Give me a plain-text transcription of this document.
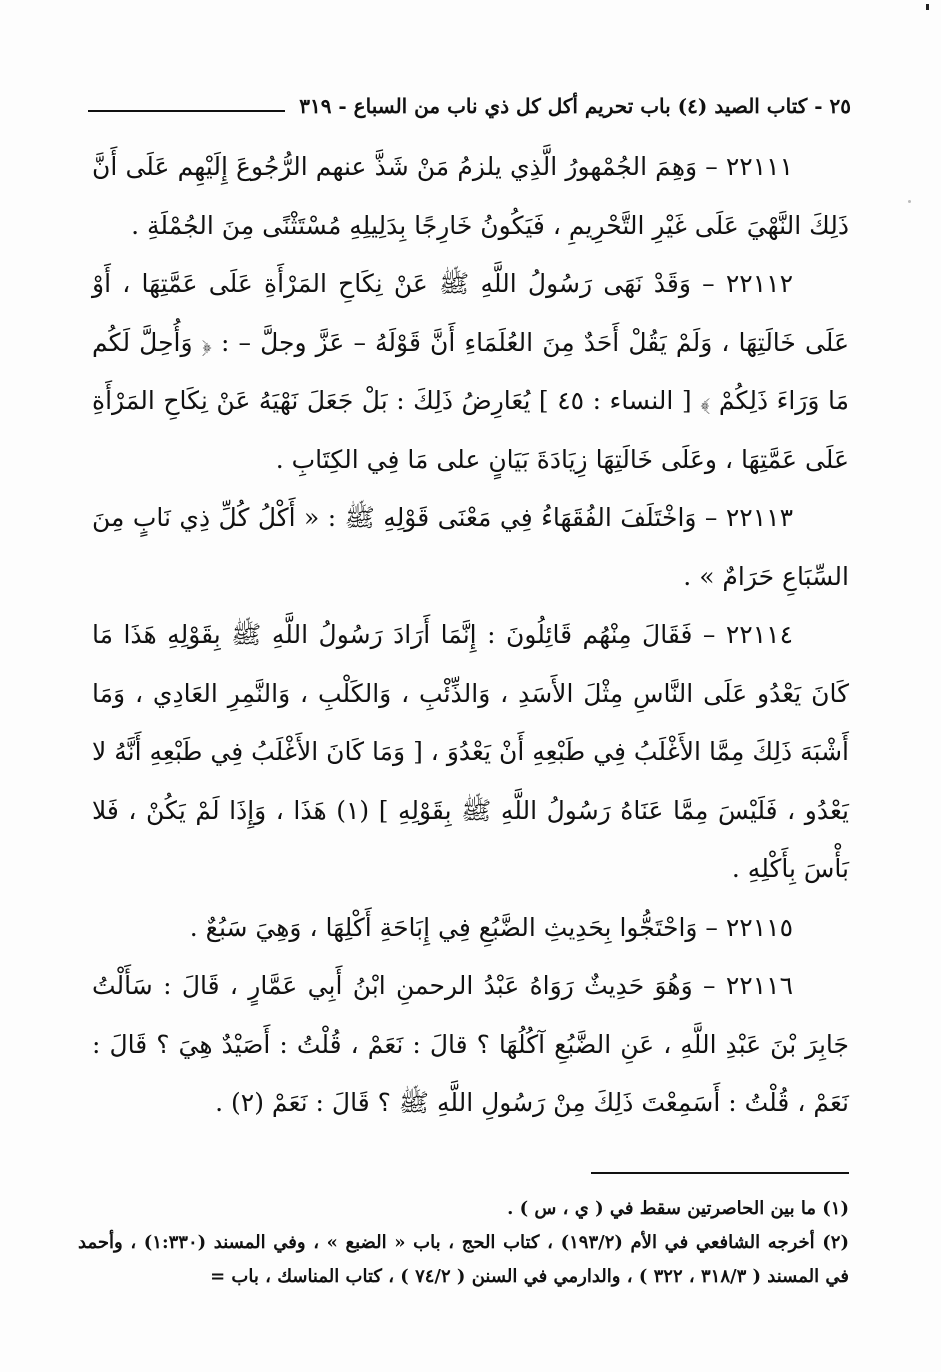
٢٥ - كتاب الصيد (٤) باب تحريم أكل كل ذي ناب من السباع - ٣١٩

٢٢١١١ – وَهِمَ الجُمْهورُ الَّذِي يلزمُ مَنْ شَذَّ عنهم الرُّجُوعَ إِلَيْهِم عَلَى أَنَّ ذَلِكَ النَّهْيَ عَلَى غَيْرِ التَّحْرِيمِ ، فَيَكُونُ خَارِجًا بِدَلِيلِهِ مُسْتَثْنًى مِنَ الجُمْلَةِ .

٢٢١١٢ – وَقَدْ نَهَى رَسُولُ اللَّهِ ﷺ عَنْ نِكَاحِ المَرْأَةِ عَلَى عَمَّتِهَا ، أَوْ عَلَى خَالَتِهَا ، وَلَمْ يَقُلْ أَحَدٌ مِنَ العُلَمَاءِ أَنَّ قَوْلَهُ – عَزَّ وجلَّ – : ﴿ وَأُحِلَّ لَكُم مَا وَرَاءَ ذَلِكُمْ ﴾ [ النساء : ٤٥ ] يُعَارِضُ ذَلِكَ : بَلْ جَعَلَ نَهْيَهُ عَنْ نِكَاحِ المَرْأَةِ عَلَى عَمَّتِهَا ، وعَلَى خَالَتِهَا زِيَادَةَ بَيَانٍ على مَا فِي الكِتَابِ .

٢٢١١٣ – وَاخْتَلَفَ الفُقَهَاءُ فِي مَعْنَى قَوْلِهِ ﷺ : « أَكْلُ كُلِّ ذِي نَابٍ مِنَ السِّبَاعِ حَرَامٌ » .

٢٢١١٤ – فَقَالَ مِنْهُم قَائِلُونَ : إِنَّمَا أَرَادَ رَسُولُ اللَّهِ ﷺ بِقَوْلِهِ هَذَا مَا كَانَ يَعْدُو عَلَى النَّاسِ مِثْلَ الأَسَدِ ، وَالذِّئْبِ ، وَالكَلْبِ ، وَالنَّمِرِ العَادِي ، وَمَا أَشْبَهَ ذَلِكَ مِمَّا الأَغْلَبُ فِي طَبْعِهِ أَنْ يَعْدُوَ ، [ وَمَا كَانَ الأَغْلَبُ فِي طَبْعِهِ أَنَّهُ لا يَعْدُو ، فَلَيْسَ مِمَّا عَنَاهُ رَسُولُ اللَّهِ ﷺ بِقَوْلِهِ ] (١) هَذَا ، وَإِذَا لَمْ يَكُنْ ، فَلا بَأْسَ بِأَكْلِهِ .

٢٢١١٥ – وَاحْتَجُّوا بِحَدِيثِ الضَّبُعِ فِي إِبَاحَةِ أَكْلِهَا ، وَهِيَ سَبُعٌ .

٢٢١١٦ – وَهُوَ حَدِيثٌ رَوَاهُ عَبْدُ الرحمنِ ابْنُ أَبِي عَمَّارٍ ، قَالَ : سَأَلْتُ جَابِرَ بْنَ عَبْدِ اللَّهِ ، عَنِ الضَّبُعِ آكُلُهَا ؟ قالَ : نَعَمْ ، قُلْتُ : أَصَيْدٌ هِيَ ؟ قَالَ : نَعَمْ ، قُلْتُ : أَسَمِعْتَ ذَلِكَ مِنْ رَسُولِ اللَّهِ ﷺ ؟ قَالَ : نَعَمْ (٢) .

(١) ما بين الحاصرتين سقط في ( ي ، س ) .

(٢) أخرجه الشافعي في الأم (١٩٣/٢) ، كتاب الحج ، باب « الضبع » ، وفي المسند (١:٣٣٠) ، وأحمد في المسند ( ٣١٨/٣ ، ٣٢٢ ) ، والدارمي في السنن ( ٧٤/٢ ) ، كتاب المناسك ، باب =
